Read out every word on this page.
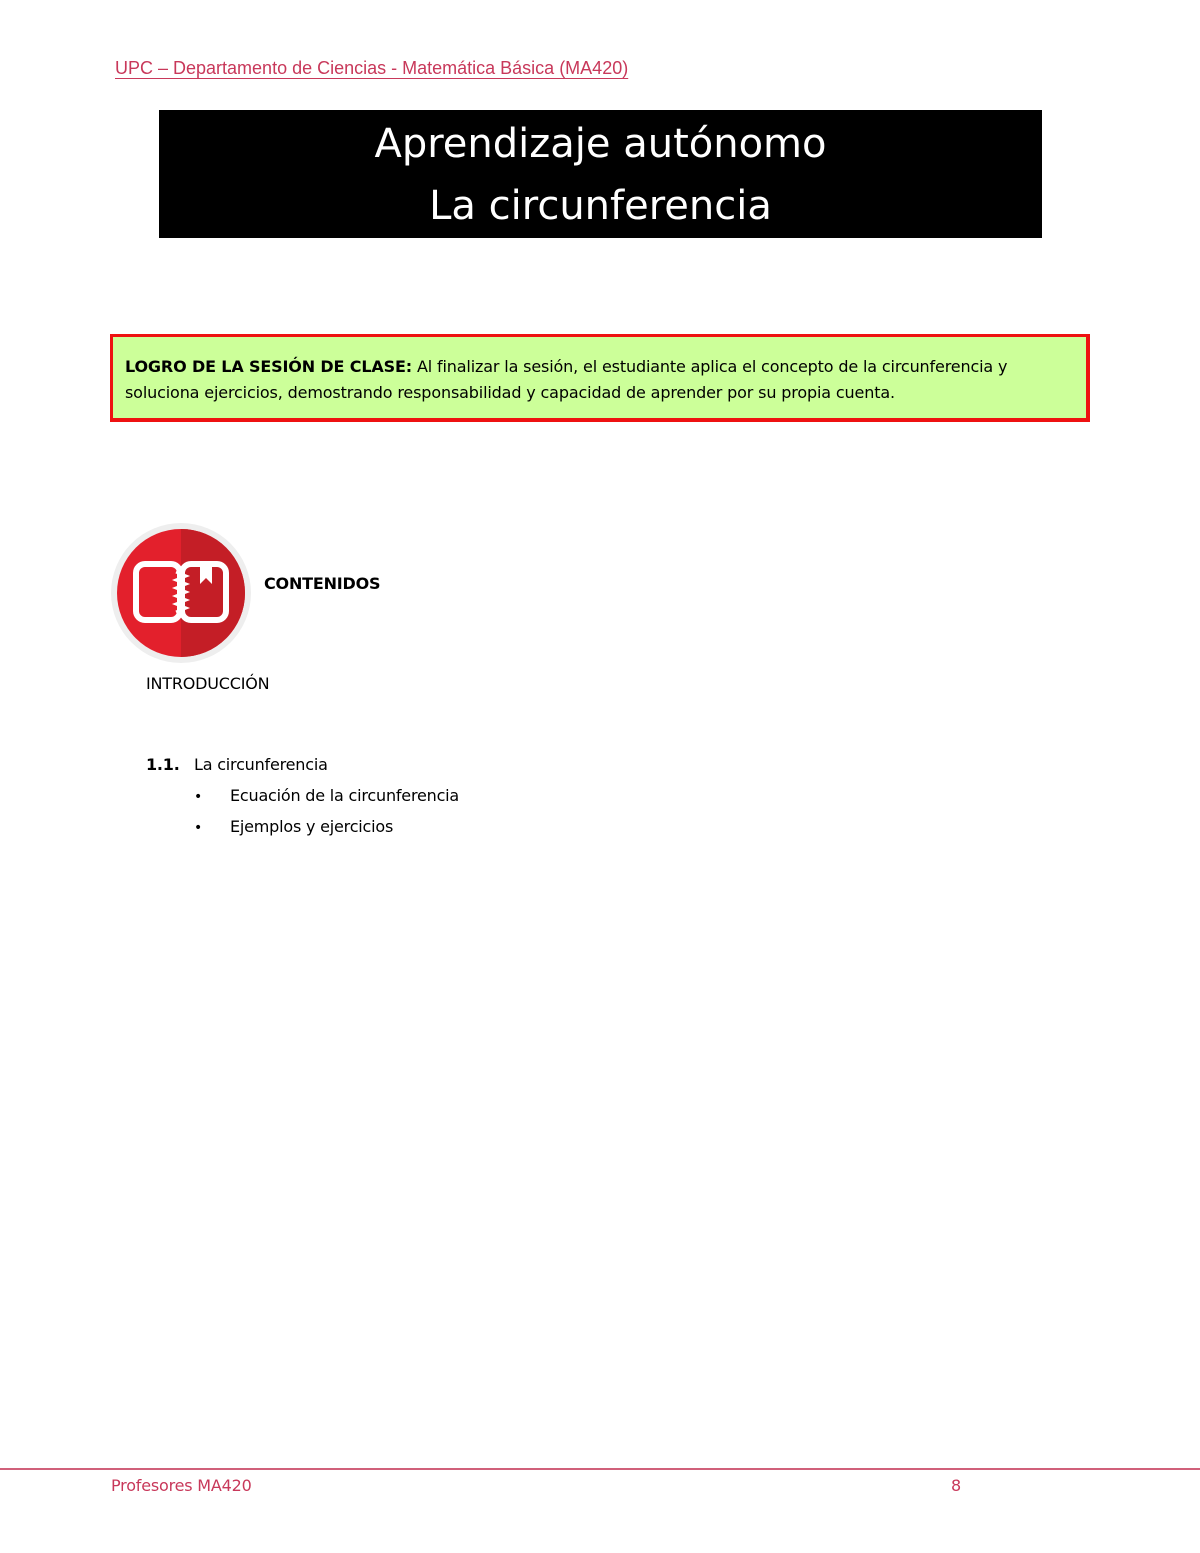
UPC – Departamento de Ciencias - Matemática Básica (MA420)
Aprendizaje autónomo
La circunferencia
LOGRO DE LA SESIÓN DE CLASE: Al finalizar la sesión, el estudiante aplica el concepto de la circunferencia y soluciona ejercicios, demostrando responsabilidad y capacidad de aprender por su propia cuenta.
CONTENIDOS
INTRODUCCIÓN
1.1. La circunferencia
• Ecuación de la circunferencia
• Ejemplos y ejercicios
Profesores MA420	8
